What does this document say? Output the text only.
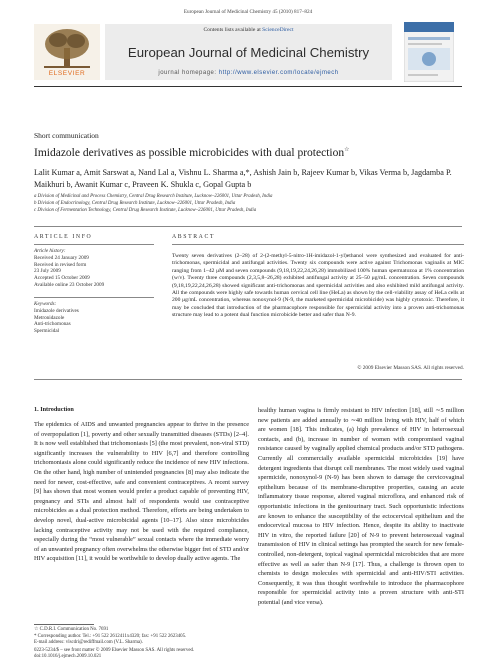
European Journal of Medicinal Chemistry 45 (2010) 817–824
Contents lists available at ScienceDirect
European Journal of Medicinal Chemistry
journal homepage: http://www.elsevier.com/locate/ejmech
ELSEVIER
Short communication
Imidazole derivatives as possible microbicides with dual protection☆
Lalit Kumar a, Amit Sarswat a, Nand Lal a, Vishnu L. Sharma a,*, Ashish Jain b, Rajeev Kumar b, Vikas Verma b, Jagdamba P. Maikhuri b, Awanit Kumar c, Praveen K. Shukla c, Gopal Gupta b
a Division of Medicinal and Process Chemistry, Central Drug Research Institute, Lucknow–226001, Uttar Pradesh, India
b Division of Endocrinology, Central Drug Research Institute, Lucknow–226001, Uttar Pradesh, India
c Division of Fermentation Technology, Central Drug Research Institute, Lucknow–226001, Uttar Pradesh, India
ARTICLE INFO
Article history:
Received 24 January 2009
Received in revised form
23 July 2009
Accepted 15 October 2009
Available online 23 October 2009
Keywords:
Imidazole derivatives
Metronidazole
Anti-trichomonas
Spermicidal
ABSTRACT
Twenty seven derivatives (2–28) of 2-(2-methyl-5-nitro-1H-imidazol-1-yl)ethanol were synthesized and evaluated for anti-trichomonas, spermicidal and antifungal activities. Twenty six compounds were active against Trichomonas vaginalis at MIC ranging from 1–42 μM and seven compounds (9,18,19,22,24,26,28) immobilized 100% human spermatozoa at 1% concentration (w/v). Twenty three compounds (2,3,5,8–26,28) exhibited antifungal activity at 25–50 μg/mL concentration. Seven compounds (9,18,19,22,24,26,28) showed significant anti-trichomonas and spermicidal activities and also exhibited mild antifungal activity. All the compounds were highly safe towards human cervical cell line (HeLa) as shown by the cell-viability assay of HeLa cells at 200 μg/mL concentration, whereas nonoxynol-9 (N-9, the marketed spermicidal microbicide) was highly cytotoxic. Therefore, it may be concluded that introduction of the pharmacophore responsible for spermicidal activity into a proven anti-trichomonas structure may lead to a potent dual function microbicide better and safer than N-9.
© 2009 Elsevier Masson SAS. All rights reserved.
1. Introduction
The epidemics of AIDS and unwanted pregnancies appear to thrive in the presence of overpopulation [1], poverty and other sexually transmitted diseases (STDs) [2–4]. It is now well established that trichomoniasis [5] (the most prevalent, non-viral STD) significantly increases the vulnerability to HIV [6,7] and therefore controlling trichomoniasis alone could significantly reduce the incidence of new HIV infections. On the other hand, high number of unintended pregnancies [8] may also indicate the need for newer, cost-effective, safe and convenient contraceptives. A recent survey [9] has shown that most women would prefer a product capable of preventing HIV, pregnancy and STIs and almost half of respondents would use contraceptive microbicides as a dual protection method. Therefore, efforts are being undertaken to develop novel, dual-active microbicidal agents [10–17]. Also since microbicides lacking contraceptive activity may not be used with the required compliance, especially during the “most vulnerable” sexual contacts where the immediate worry of an unwanted pregnancy often overwhelms the otherwise bigger fret of STD and/or HIV acquisition [11], it would be worthwhile to develop dually active agents. The
healthy human vagina is firmly resistant to HIV infection [18], still ∼5 million new patients are added annually to ∼40 million living with HIV, half of which are women [18]. This indicates, (a) high prevalence of HIV in heterosexual contacts, and (b), increase in number of women with compromised vaginal resistance caused by vaginally applied chemical products and/or STD pathogens. Currently all commercially available spermicidal microbicides [19] have detergent ingredients that disrupt cell membranes. The most widely used vaginal spermicide, nonoxynol-9 (N-9) has been shown to damage the cervicovaginal epithelium because of its membrane-disruptive properties, causing an acute inflammatory tissue response, altered vaginal microflora, and enhanced risk of opportunistic infections in the genitourinary tract. Such opportunistic infections are known to enhance the susceptibility of the ectocervical epithelium and the endocervical mucosa to HIV infection. Hence, despite its ability to inactivate HIV in vitro, the reported failure [20] of N-9 to prevent heterosexual vaginal transmission of HIV in clinical settings has prompted the search for new female-controlled, non-detergent, topical vaginal spermicidal microbicides that are more effective as well as safer than N-9 [17]. Thus, a challenge is thrown open to chemists to design molecules with spermicidal and anti-HIV/STI activities. Consequently, it was thus thought worthwhile to introduce the pharmacophore responsible for spermicidal activity into a proven structure with anti-STI potential (and vice versa).
☆ C.D.R.I. Communication No. 7691
* Corresponding author. Tel.: +91 522 2612411x4320; fax: +91 522 2623405.
E-mail address: vlscdri@rediffmail.com (V.L. Sharma).
0223-5234/$ – see front matter © 2009 Elsevier Masson SAS. All rights reserved.
doi:10.1016/j.ejmech.2009.10.021
